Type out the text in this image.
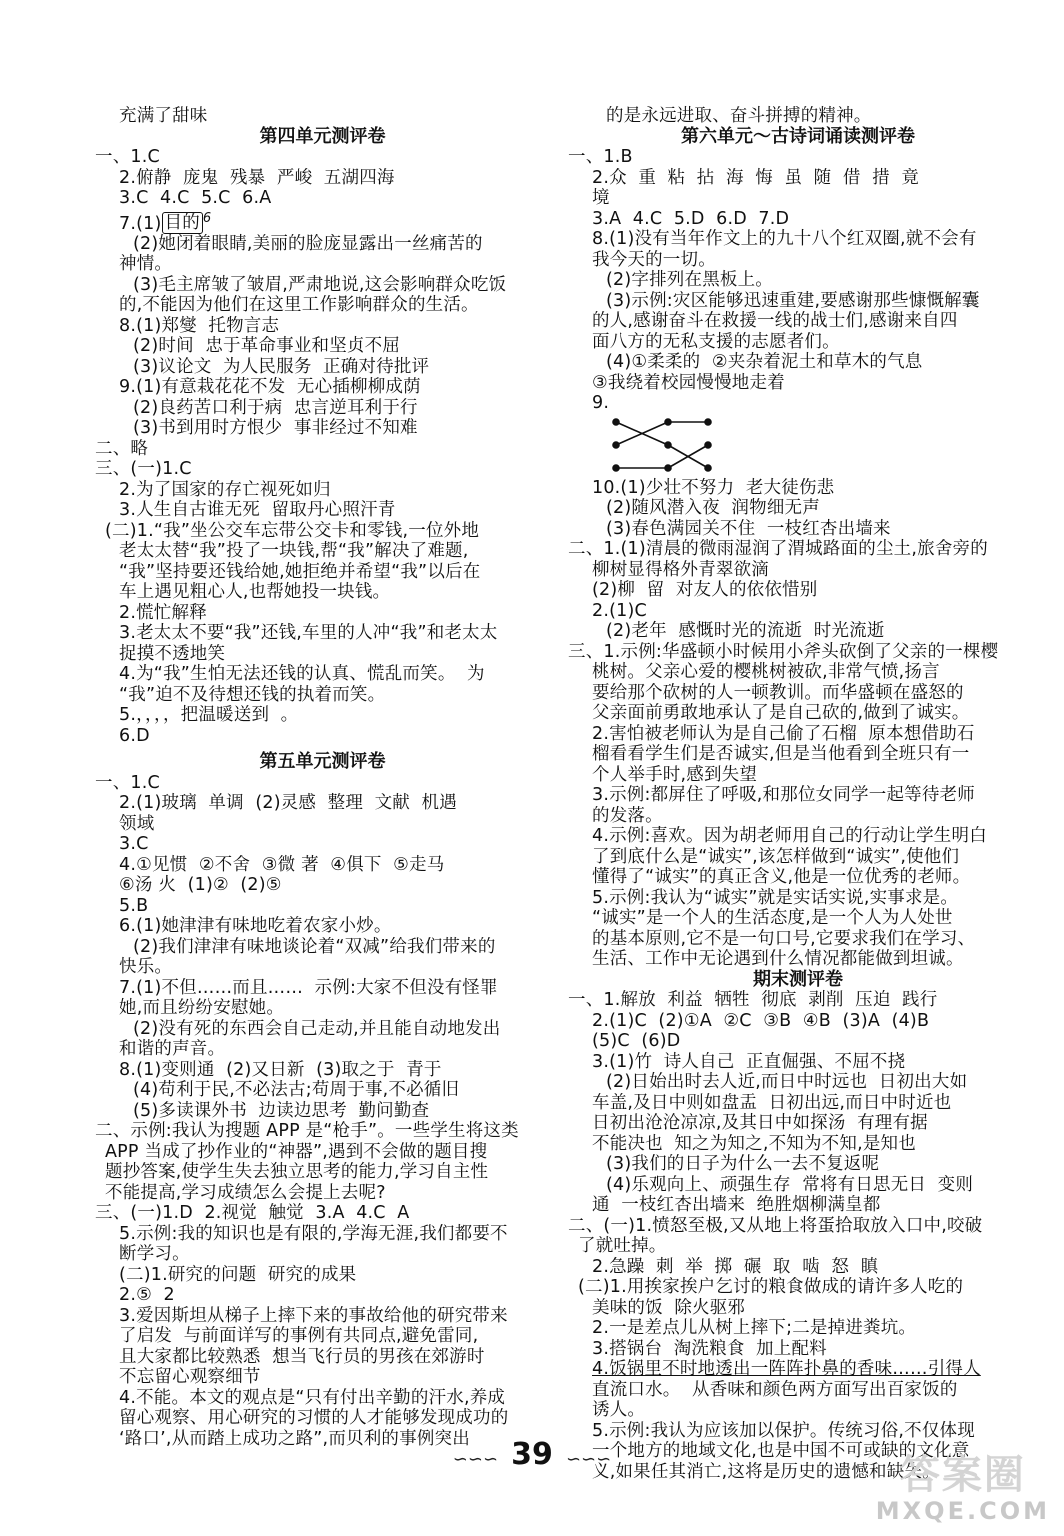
充满了甜味

第四单元测评卷

一、1.C

2.俯静  庞鬼  残暴  严峻  五湖四海

3.C  4.C  5.C  6.A

7.(1) 目的 $^6$

(2)她闭着眼睛,美丽的脸庞显露出一丝痛苦的

神情。

(3)毛主席皱了皱眉,严肃地说,这会影响群众吃饭

的,不能因为他们在这里工作影响群众的生活。

8.(1)郑燮  托物言志

(2)时间  忠于革命事业和坚贞不屈

(3)议论文  为人民服务  正确对待批评

9.(1)有意栽花花不发  无心插柳柳成荫

(2)良药苦口利于病  忠言逆耳利于行

(3)书到用时方恨少  事非经过不知难

二、略

三、(一)1.C

2.为了国家的存亡视死如归

3.人生自古谁无死  留取丹心照汗青

(二)1.“我”坐公交车忘带公交卡和零钱,一位外地

老太太替“我”投了一块钱,帮“我”解决了难题,

“我”坚持要还钱给她,她拒绝并希望“我”以后在

车上遇见粗心人,也帮她投一块钱。

2.慌忙解释

3.老太太不要“我”还钱,车里的人冲“我”和老太太

捉摸不透地笑

4.为“我”生怕无法还钱的认真、慌乱而笑。  为

“我”迫不及待想还钱的执着而笑。

5.，，，，把温暖送到  。

6.D

第五单元测评卷

一、1.C

2.(1)玻璃  单调  (2)灵感  整理  文献  机遇

领域

3.C

4.①见惯  ②不舍  ③微 著  ④俱下  ⑤走马

⑥汤 火  (1)②  (2)⑤

5.B

6.(1)她津津有味地吃着农家小炒。

(2)我们津津有味地谈论着“双减”给我们带来的

快乐。

7.(1)不但……而且……  示例:大家不但没有怪罪

她,而且纷纷安慰她。

(2)没有死的东西会自己走动,并且能自动地发出

和谐的声音。

8.(1)变则通  (2)又日新  (3)取之于  青于

(4)苟利于民,不必法古;苟周于事,不必循旧

(5)多读课外书  边读边思考  勤问勤查

二、示例:我认为搜题 APP 是“枪手”。一些学生将这类

APP 当成了抄作业的“神器”,遇到不会做的题目搜

题抄答案,使学生失去独立思考的能力,学习自主性

不能提高,学习成绩怎么会提上去呢?

三、(一)1.D  2.视觉  触觉  3.A  4.C  A

5.示例:我的知识也是有限的,学海无涯,我们都要不

断学习。

(二)1.研究的问题  研究的成果

2.⑤  2

3.爱因斯坦从梯子上摔下来的事故给他的研究带来

了启发  与前面详写的事例有共同点,避免雷同,

且大家都比较熟悉  想当飞行员的男孩在郊游时

不忘留心观察细节

4.不能。本文的观点是“只有付出辛勤的汗水,养成

留心观察、用心研究的习惯的人才能够发现成功的

‘路口’,从而踏上成功之路”,而贝利的事例突出

的是永远进取、奋斗拼搏的精神。

第六单元～古诗词诵读测评卷

一、1.B

2.众  重  粘  拈  海  悔  虽  随  借  措  竟

境

3.A  4.C  5.D  6.D  7.D

8.(1)没有当年作文上的九十八个红双圈,就不会有

我今天的一切。

(2)字排列在黑板上。

(3)示例:灾区能够迅速重建,要感谢那些慷慨解囊

的人,感谢奋斗在救援一线的战士们,感谢来自四

面八方的无私支援的志愿者们。

(4)①柔柔的  ②夹杂着泥土和草木的气息

③我绕着校园慢慢地走着

9.

10.(1)少壮不努力  老大徒伤悲

(2)随风潜入夜  润物细无声

(3)春色满园关不住  一枝红杏出墙来

二、1.(1)清晨的微雨湿润了渭城路面的尘土,旅舍旁的

柳树显得格外青翠欲滴

(2)柳  留  对友人的依依惜别

2.(1)C

(2)老年  感慨时光的流逝  时光流逝

三、1.示例:华盛顿小时候用小斧头砍倒了父亲的一棵樱

桃树。父亲心爱的樱桃树被砍,非常气愤,扬言

要给那个砍树的人一顿教训。而华盛顿在盛怒的

父亲面前勇敢地承认了是自己砍的,做到了诚实。

2.害怕被老师认为是自己偷了石榴  原本想借助石

榴看看学生们是否诚实,但是当他看到全班只有一

个人举手时,感到失望

3.示例:都屏住了呼吸,和那位女同学一起等待老师

的发落。

4.示例:喜欢。因为胡老师用自己的行动让学生明白

了到底什么是“诚实”,该怎样做到“诚实”,使他们

懂得了“诚实”的真正含义,他是一位优秀的老师。

5.示例:我认为“诚实”就是实话实说,实事求是。

“诚实”是一个人的生活态度,是一个人为人处世

的基本原则,它不是一句口号,它要求我们在学习、

生活、工作中无论遇到什么情况都能做到坦诚。

期末测评卷

一、1.解放  利益  牺牲  彻底  剥削  压迫  践行

2.(1)C  (2)①A  ②C  ③B  ④B  (3)A  (4)B

(5)C  (6)D

3.(1)竹  诗人自己  正直倔强、不屈不挠

(2)日始出时去人近,而日中时远也  日初出大如

车盖,及日中则如盘盂  日初出远,而日中时近也

日初出沧沧凉凉,及其日中如探汤  有理有据

不能决也  知之为知之,不知为不知,是知也

(3)我们的日子为什么一去不复返呢

(4)乐观向上、顽强生存  常将有日思无日  变则

通  一枝红杏出墙来  绝胜烟柳满皇都

二、(一)1.愤怒至极,又从地上将蛋拾取放入口中,咬破

了就吐掉。

2.急躁  刺  举  掷  碾  取  啮  怒  瞋

(二)1.用挨家挨户乞讨的粮食做成的请许多人吃的

美味的饭  除火驱邪

2.一是差点儿从树上摔下;二是掉进粪坑。

3.搭锅台  淘洗粮食  加上配料

4.饭锅里不时地透出一阵阵扑鼻的香味……引得人

直流口水。  从香味和颜色两方面写出百家饭的

诱人。

5.示例:我认为应该加以保护。传统习俗,不仅体现

一个地方的地域文化,也是中国不可或缺的文化意

义,如果任其消亡,这将是历史的遗憾和缺失。

∽∽∽ 39 ∽∽∽	答案圈
MXQE.COM
